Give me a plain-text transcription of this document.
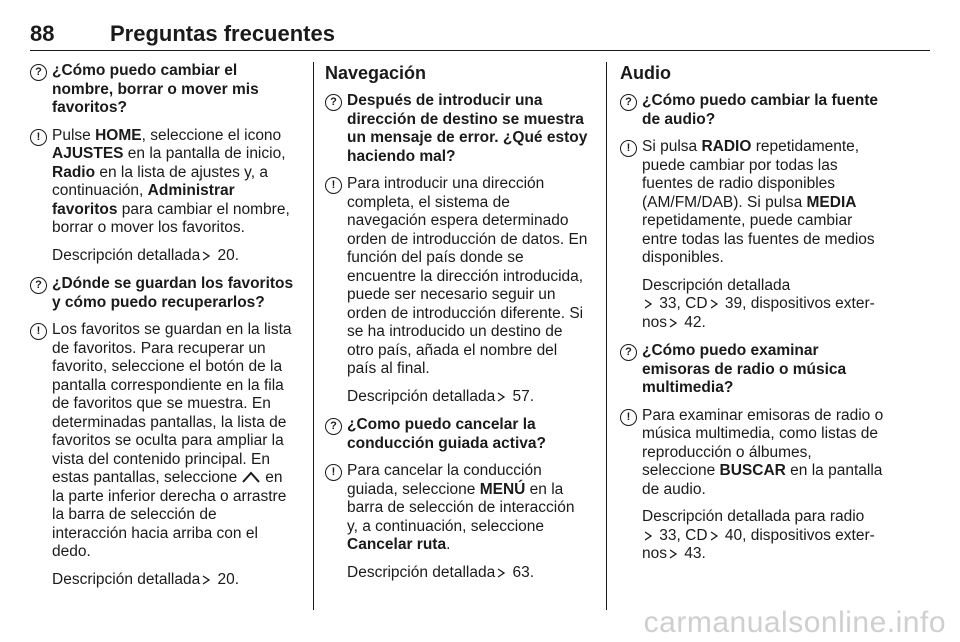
88	Preguntas frecuentes
? ¿Cómo puedo cambiar el nombre, borrar o mover mis favoritos?
! Pulse HOME, seleccione el icono AJUSTES en la pantalla de inicio, Radio en la lista de ajustes y, a continuación, Administrar favoritos para cambiar el nombre, borrar o mover los favoritos.
Descripción detallada 20.
? ¿Dónde se guardan los favoritos y cómo puedo recuperarlos?
! Los favoritos se guardan en la lista de favoritos. Para recuperar un favorito, seleccione el botón de la pantalla correspondiente en la fila de favoritos que se muestra. En determinadas pantallas, la lista de favoritos se oculta para ampliar la vista del contenido principal. En estas pantallas, seleccione en la parte inferior derecha o arrastre la barra de selección de interacción hacia arriba con el dedo.
Descripción detallada 20.
Navegación
? Después de introducir una dirección de destino se muestra un mensaje de error. ¿Qué estoy haciendo mal?
! Para introducir una dirección completa, el sistema de navegación espera determinado orden de introducción de datos. En función del país donde se encuentre la dirección introducida, puede ser necesario seguir un orden de introducción diferente. Si se ha introducido un destino de otro país, añada el nombre del país al final.
Descripción detallada 57.
? ¿Como puedo cancelar la conducción guiada activa?
! Para cancelar la conducción guiada, seleccione MENÚ en la barra de selección de interacción y, a continuación, seleccione Cancelar ruta.
Descripción detallada 63.
Audio
? ¿Cómo puedo cambiar la fuente de audio?
! Si pulsa RADIO repetidamente, puede cambiar por todas las fuentes de radio disponibles (AM/FM/DAB). Si pulsa MEDIA repetidamente, puede cambiar entre todas las fuentes de medios disponibles.
Descripción detallada
33, CD 39, dispositivos exter-nos 42.
? ¿Cómo puedo examinar emisoras de radio o música multimedia?
! Para examinar emisoras de radio o música multimedia, como listas de reproducción o álbumes, seleccione BUSCAR en la pantalla de audio.
Descripción detallada para radio
33, CD 40, dispositivos exter-nos 43.
carmanualsonline.info
